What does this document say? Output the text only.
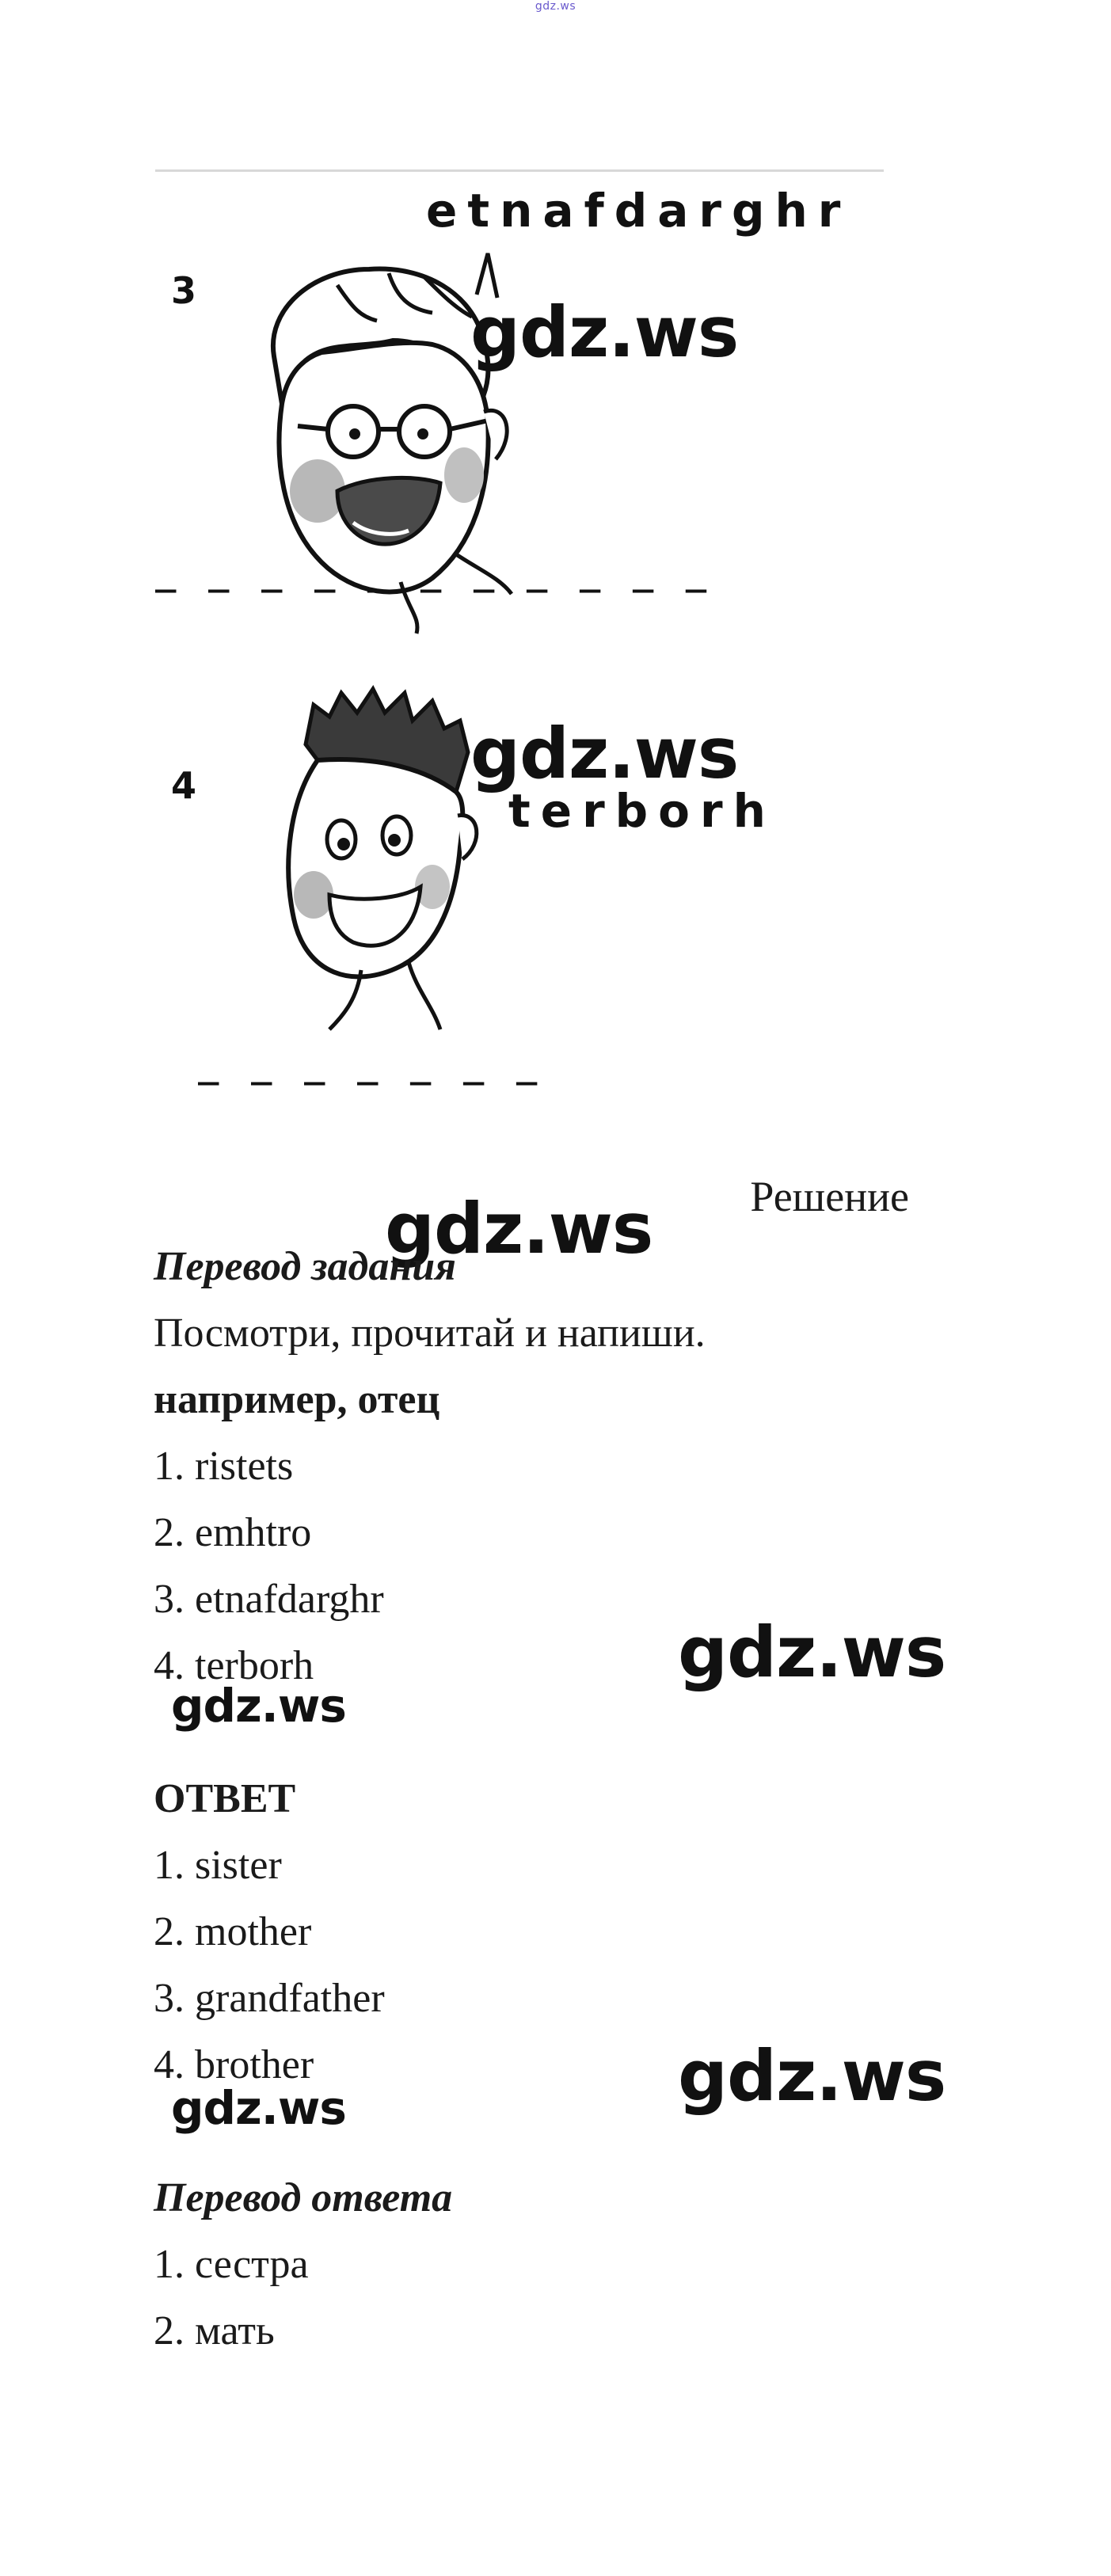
gdz.ws
etnafdarghr
3
_ _ _ _ _ _ _ _ _ _ _
4	terborh
_ _ _ _ _ _ _
gdz.ws
gdz.ws
gdz.ws
gdz.ws
gdz.ws
gdz.ws
gdz.ws
Решение
Перевод задания
Посмотри, прочитай и напиши.
например, отец
1. ristets
2. emhtro
3. etnafdarghr
4. terborh
ОТВЕТ
1. sister
2. mother
3. grandfather
4. brother
Перевод ответа
1. сестра
2. мать
